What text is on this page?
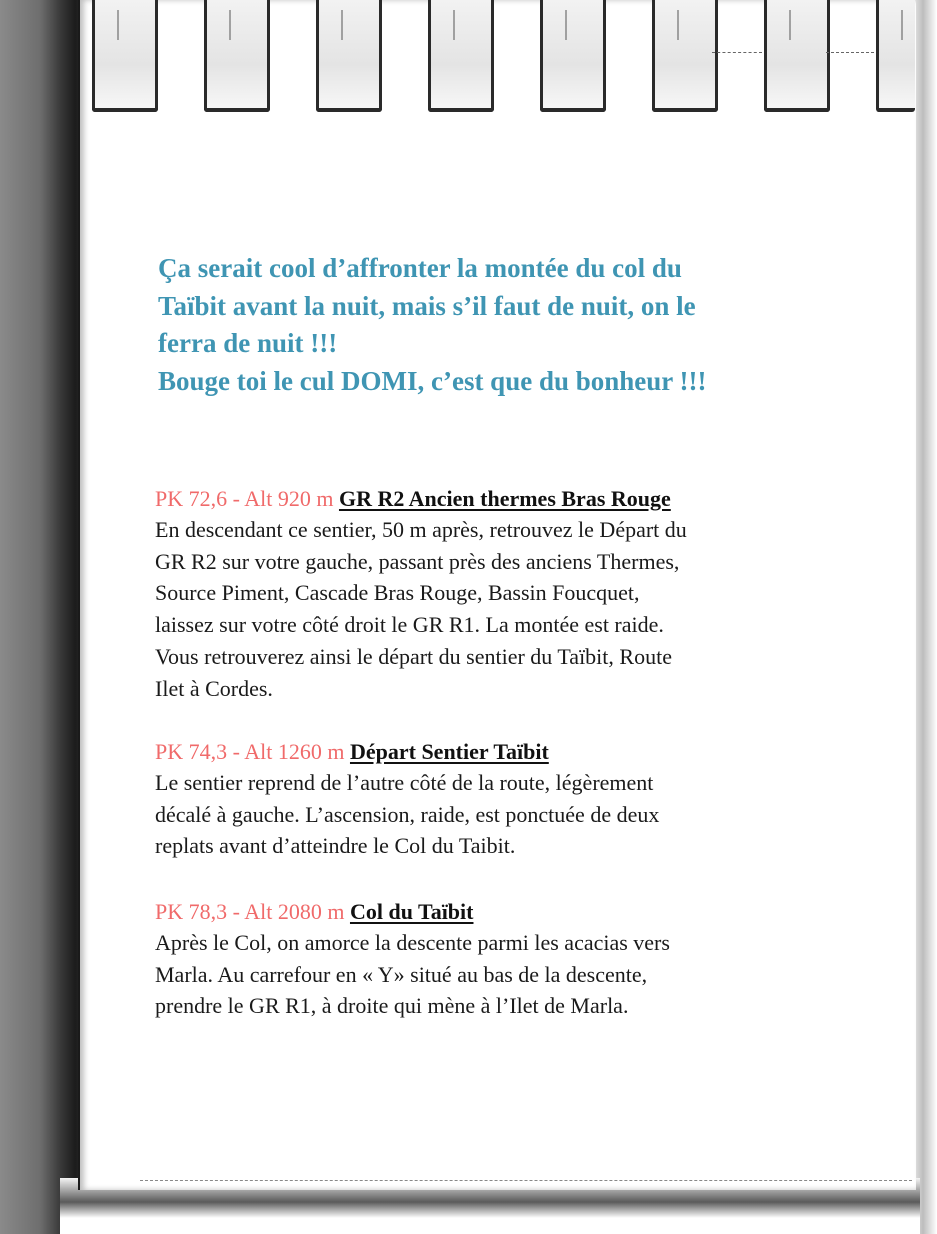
Ça serait cool d’affronter la montée du col du
Taïbit avant la nuit, mais s’il faut de nuit, on le
ferra de nuit !!!
Bouge toi le cul DOMI, c’est que du bonheur !!!

PK 72,6 - Alt 920 m GR R2 Ancien thermes Bras Rouge

En descendant ce sentier, 50 m après, retrouvez le Départ du
GR R2 sur votre gauche, passant près des anciens Thermes,
Source Piment, Cascade Bras Rouge, Bassin Foucquet,
laissez sur votre côté droit le GR R1. La montée est raide.
Vous retrouverez ainsi le départ du sentier du Taïbit, Route
Ilet à Cordes.

PK 74,3 - Alt 1260 m Départ Sentier Taïbit

Le sentier reprend de l’autre côté de la route, légèrement
décalé à gauche. L’ascension, raide, est ponctuée de deux
replats avant d’atteindre le Col du Taibit.

PK 78,3 - Alt 2080 m Col du Taïbit

Après le Col, on amorce la descente parmi les acacias vers
Marla. Au carrefour en « Y» situé au bas de la descente,
prendre le GR R1, à droite qui mène à l’Ilet de Marla.
